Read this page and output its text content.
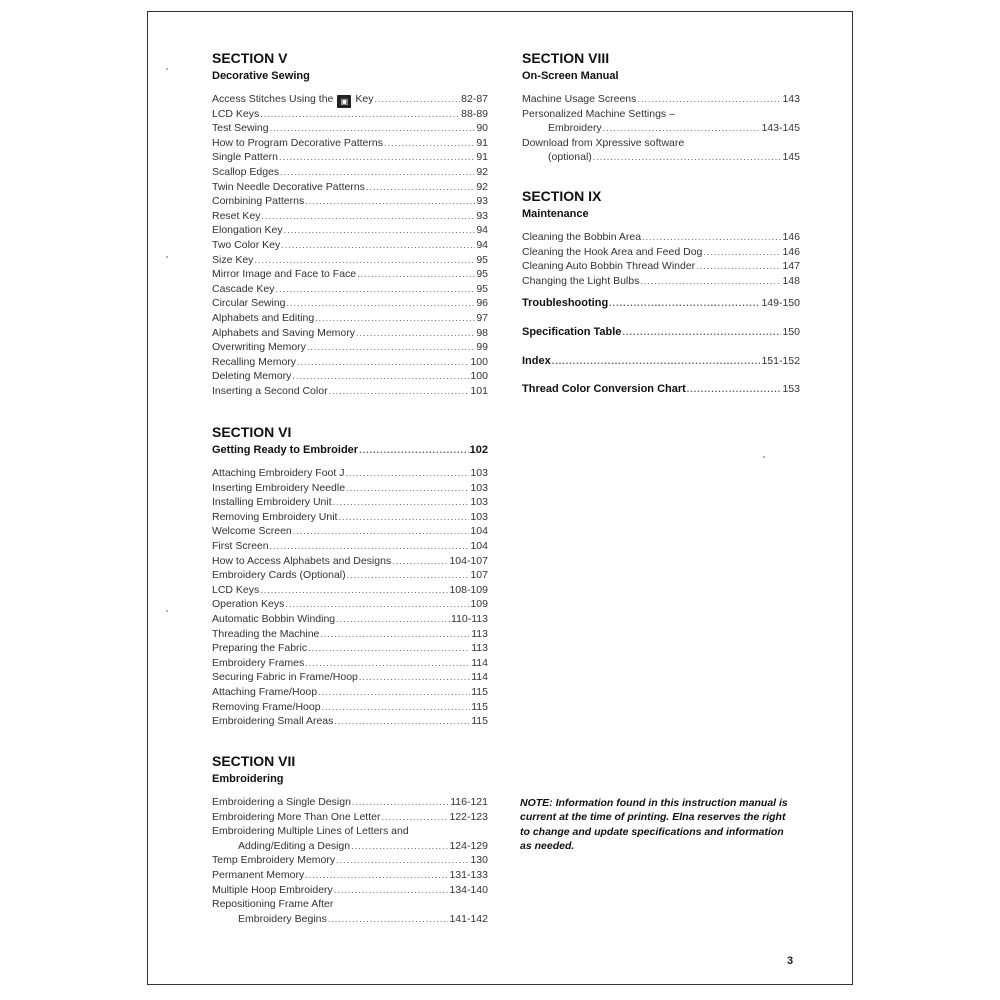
SECTION V
Decorative Sewing
Access Stitches Using the ▣ Key .....	82-87
LCD Keys .....	88-89
Test Sewing .....	90
How to Program Decorative Patterns .....	91
Single Pattern .....	91
Scallop Edges .....	92
Twin Needle Decorative Patterns .....	92
Combining Patterns .....	93
Reset Key .....	93
Elongation Key .....	94
Two Color Key .....	94
Size Key .....	95
Mirror Image and Face to Face .....	95
Cascade Key .....	95
Circular Sewing .....	96
Alphabets and Editing .....	97
Alphabets and Saving Memory .....	98
Overwriting Memory .....	99
Recalling Memory .....	100
Deleting Memory .....	100
Inserting a Second Color .....	101
SECTION VI
Getting Ready to Embroider .....	102
Attaching Embroidery Foot J .....	103
Inserting Embroidery Needle .....	103
Installing Embroidery Unit .....	103
Removing Embroidery Unit .....	103
Welcome Screen .....	104
First Screen .....	104
How to Access Alphabets and Designs .....	104-107
Embroidery Cards (Optional) .....	107
LCD Keys .....	108-109
Operation Keys .....	109
Automatic Bobbin Winding .....	110-113
Threading the Machine .....	113
Preparing the Fabric .....	113
Embroidery Frames .....	114
Securing Fabric in Frame/Hoop .....	114
Attaching Frame/Hoop .....	115
Removing Frame/Hoop .....	115
Embroidering Small Areas .....	115
SECTION VII
Embroidering
Embroidering a Single Design .....	116-121
Embroidering More Than One Letter .....	122-123
Embroidering Multiple Lines of Letters and
Adding/Editing a Design .....	124-129
Temp Embroidery Memory .....	130
Permanent Memory .....	131-133
Multiple Hoop Embroidery .....	134-140
Repositioning Frame After
Embroidery Begins .....	141-142
SECTION VIII
On-Screen Manual
Machine Usage Screens .....	143
Personalized Machine Settings –
Embroidery .....	143-145
Download from Xpressive software
(optional) .....	145
SECTION IX
Maintenance
Cleaning the Bobbin Area .....	146
Cleaning the Hook Area and Feed Dog .....	146
Cleaning Auto Bobbin Thread Winder .....	147
Changing the Light Bulbs .....	148
Troubleshooting .....	149-150
Specification Table .....	150
Index .....	151-152
Thread Color Conversion Chart .....	153
NOTE: Information found in this instruction manual is current at the time of printing. Elna reserves the right to change and update specifications and information as needed.
3
